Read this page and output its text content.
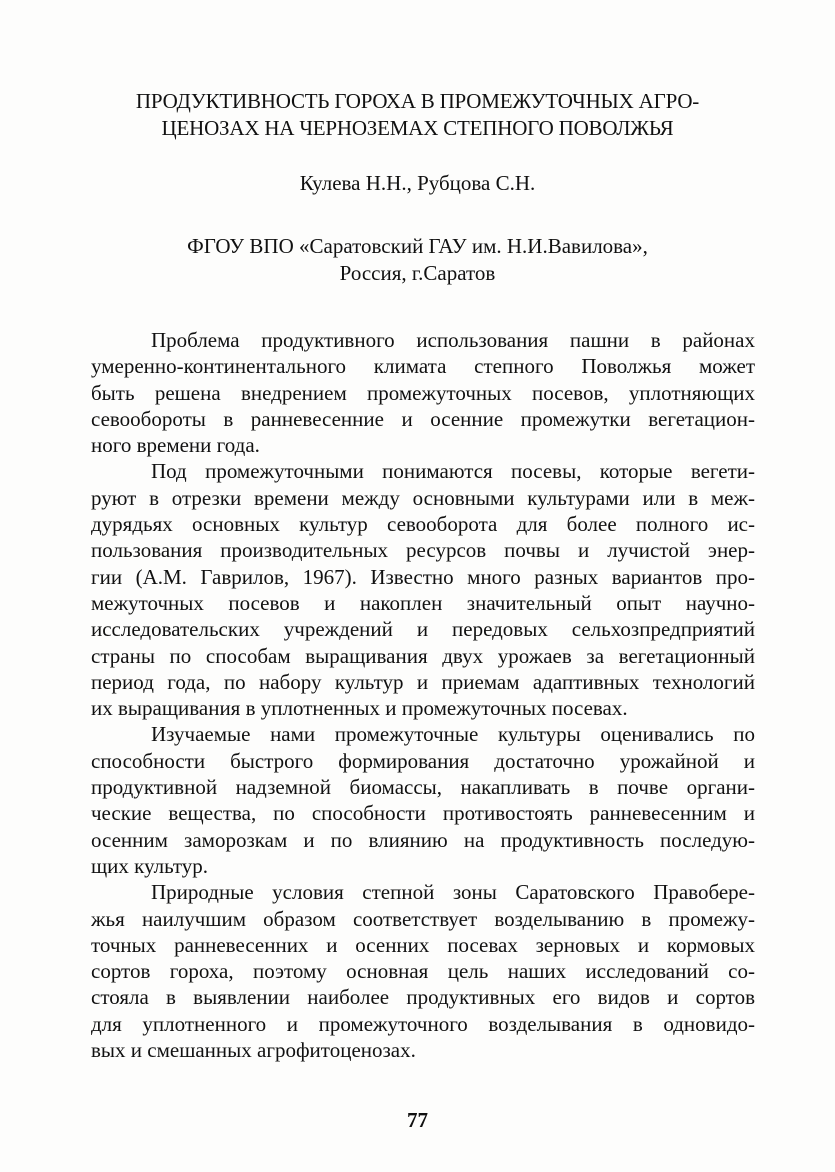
ПРОДУКТИВНОСТЬ ГОРОХА В ПРОМЕЖУТОЧНЫХ АГРО-
ЦЕНОЗАХ НА ЧЕРНОЗЕМАХ СТЕПНОГО ПОВОЛЖЬЯ
Кулева Н.Н., Рубцова С.Н.
ФГОУ ВПО «Саратовский ГАУ им. Н.И.Вавилова»,
Россия, г.Саратов
Проблема продуктивного использования пашни в районах
умеренно-континентального климата степного Поволжья может
быть решена внедрением промежуточных посевов, уплотняющих
севообороты в ранневесенние и осенние промежутки вегетацион-
ного времени года.
Под промежуточными понимаются посевы, которые вегети-
руют в отрезки времени между основными культурами или в меж-
дурядьях основных культур севооборота для более полного ис-
пользования производительных ресурсов почвы и лучистой энер-
гии (А.М. Гаврилов, 1967). Известно много разных вариантов про-
межуточных посевов и накоплен значительный опыт научно-
исследовательских учреждений и передовых сельхозпредприятий
страны по способам выращивания двух урожаев за вегетационный
период года, по набору культур и приемам адаптивных технологий
их выращивания в уплотненных и промежуточных посевах.
Изучаемые нами промежуточные культуры оценивались по
способности быстрого формирования достаточно урожайной и
продуктивной надземной биомассы, накапливать в почве органи-
ческие вещества, по способности противостоять ранневесенним и
осенним заморозкам и по влиянию на продуктивность последую-
щих культур.
Природные условия степной зоны Саратовского Правобере-
жья наилучшим образом соответствует возделыванию в промежу-
точных ранневесенних и осенних посевах зерновых и кормовых
сортов гороха, поэтому основная цель наших исследований со-
стояла в выявлении наиболее продуктивных его видов и сортов
для уплотненного и промежуточного возделывания в одновидо-
вых и смешанных агрофитоценозах.
77
